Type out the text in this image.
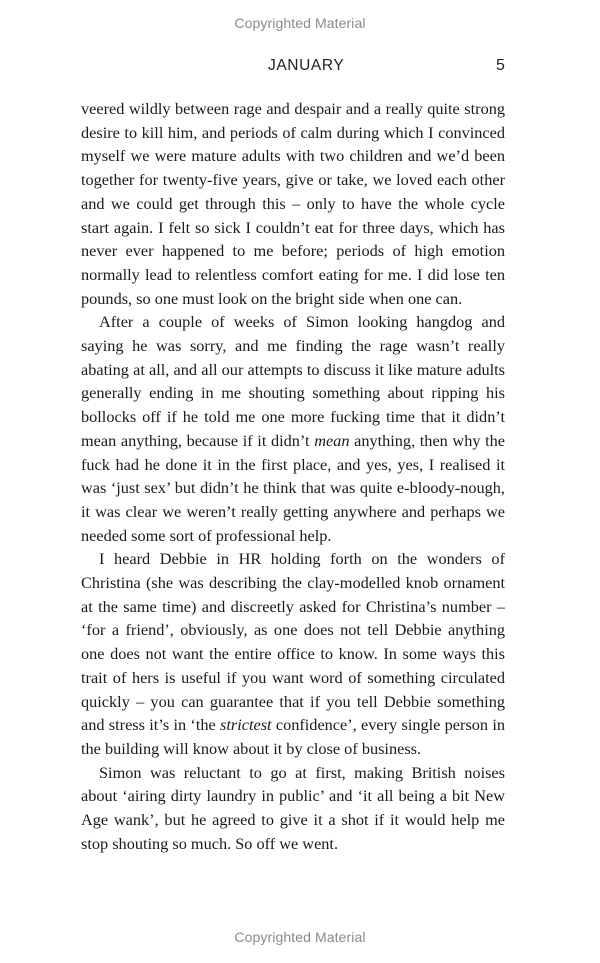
Copyrighted Material
JANUARY	5

veered wildly between rage and despair and a really quite strong desire to kill him, and periods of calm during which I convinced myself we were mature adults with two children and we’d been together for twenty-five years, give or take, we loved each other and we could get through this – only to have the whole cycle start again. I felt so sick I couldn’t eat for three days, which has never ever happened to me before; periods of high emotion normally lead to relentless comfort eating for me. I did lose ten pounds, so one must look on the bright side when one can.

After a couple of weeks of Simon looking hangdog and saying he was sorry, and me finding the rage wasn’t really abating at all, and all our attempts to discuss it like mature adults generally ending in me shouting something about ripping his bollocks off if he told me one more fucking time that it didn’t mean anything, because if it didn’t mean anything, then why the fuck had he done it in the first place, and yes, yes, I realised it was ‘just sex’ but didn’t he think that was quite e-bloody-nough, it was clear we weren’t really getting anywhere and perhaps we needed some sort of professional help.

I heard Debbie in HR holding forth on the wonders of Christina (she was describing the clay-modelled knob ornament at the same time) and discreetly asked for Christina’s number – ‘for a friend’, obviously, as one does not tell Debbie anything one does not want the entire office to know. In some ways this trait of hers is useful if you want word of something circulated quickly – you can guarantee that if you tell Debbie something and stress it’s in ‘the strictest confidence’, every single person in the building will know about it by close of business.

Simon was reluctant to go at first, making British noises about ‘airing dirty laundry in public’ and ‘it all being a bit New Age wank’, but he agreed to give it a shot if it would help me stop shouting so much. So off we went.

Copyrighted Material
